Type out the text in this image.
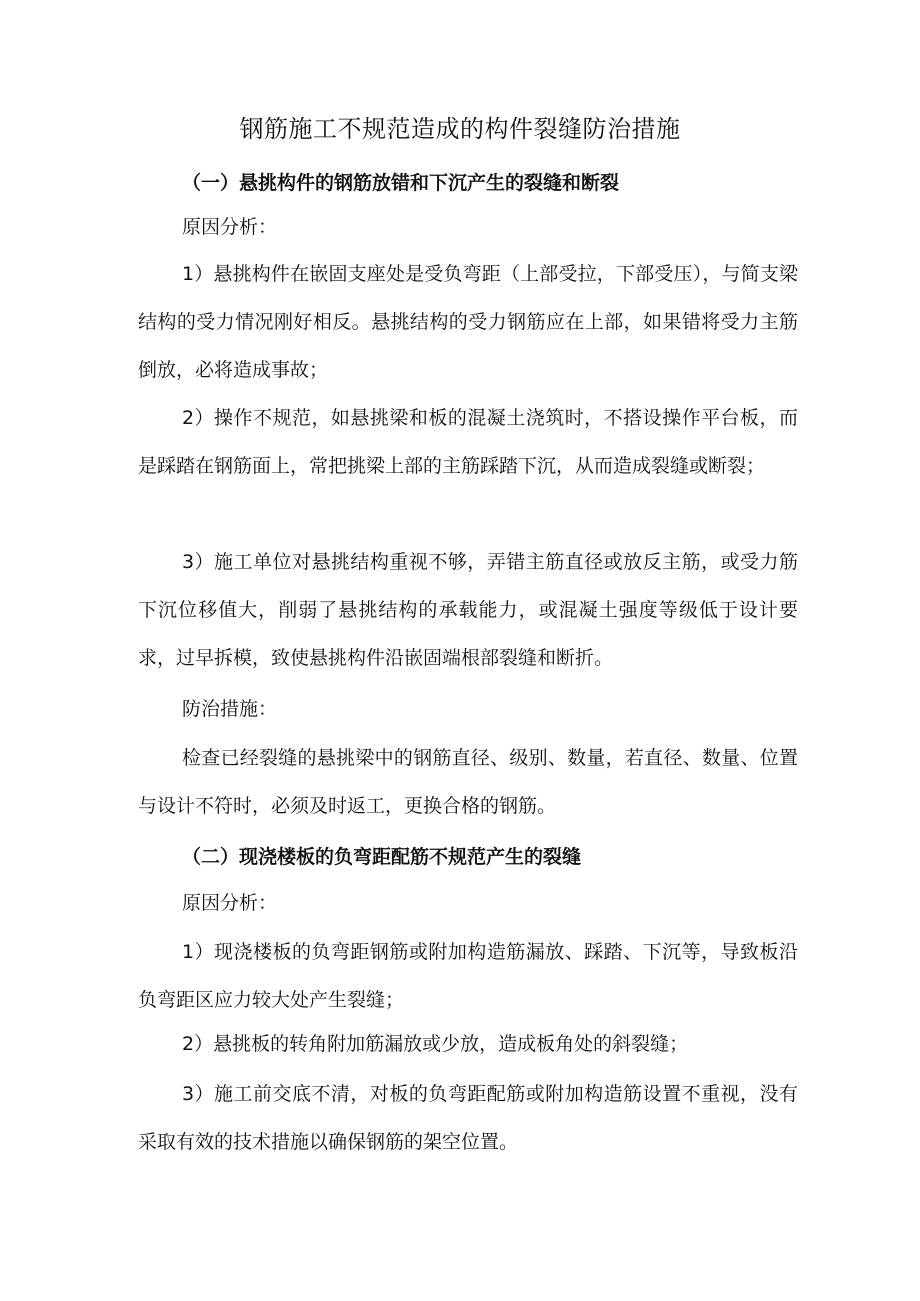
钢筋施工不规范造成的构件裂缝防治措施
（一）悬挑构件的钢筋放错和下沉产生的裂缝和断裂
原因分析：
1）悬挑构件在嵌固支座处是受负弯距（上部受拉，下部受压），与简支梁结构的受力情况刚好相反。悬挑结构的受力钢筋应在上部，如果错将受力主筋倒放，必将造成事故；
2）操作不规范，如悬挑梁和板的混凝土浇筑时，不搭设操作平台板，而是踩踏在钢筋面上，常把挑梁上部的主筋踩踏下沉，从而造成裂缝或断裂；
3）施工单位对悬挑结构重视不够，弄错主筋直径或放反主筋，或受力筋下沉位移值大，削弱了悬挑结构的承载能力，或混凝土强度等级低于设计要求，过早拆模，致使悬挑构件沿嵌固端根部裂缝和断折。
防治措施：
检查已经裂缝的悬挑梁中的钢筋直径、级别、数量，若直径、数量、位置与设计不符时，必须及时返工，更换合格的钢筋。
（二）现浇楼板的负弯距配筋不规范产生的裂缝
原因分析：
1）现浇楼板的负弯距钢筋或附加构造筋漏放、踩踏、下沉等，导致板沿负弯距区应力较大处产生裂缝；
2）悬挑板的转角附加筋漏放或少放，造成板角处的斜裂缝；
3）施工前交底不清，对板的负弯距配筋或附加构造筋设置不重视，没有采取有效的技术措施以确保钢筋的架空位置。
